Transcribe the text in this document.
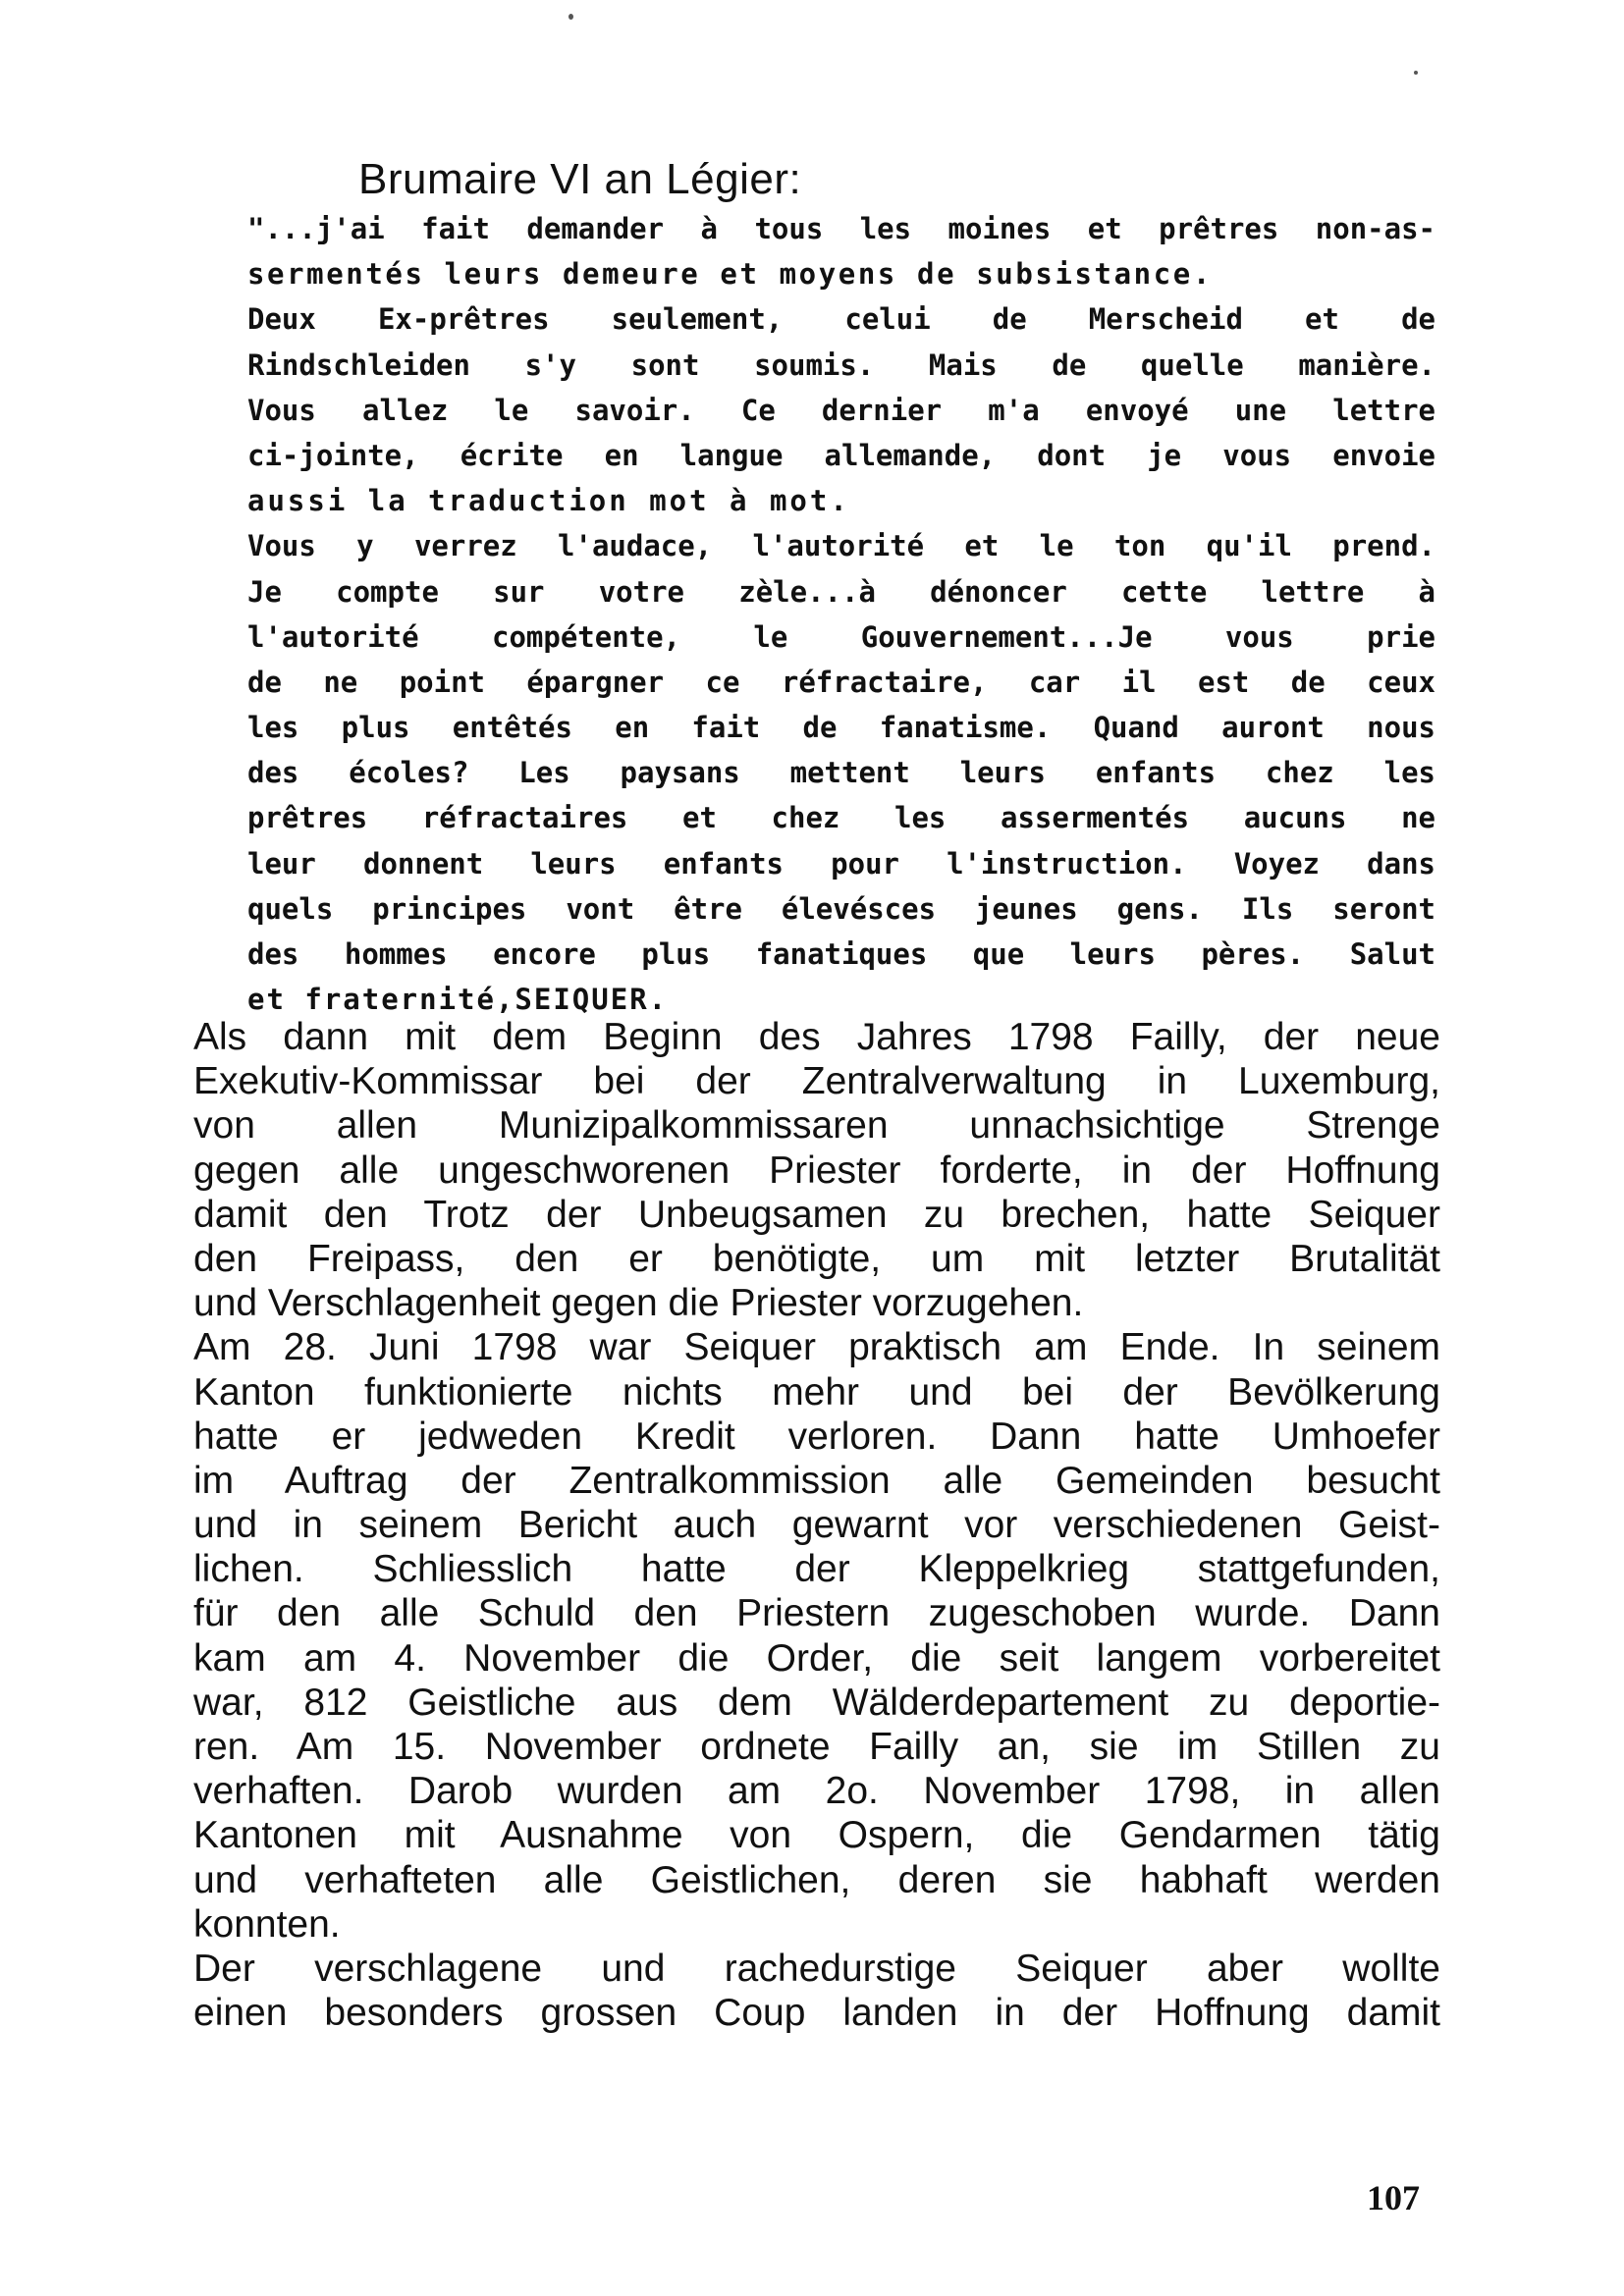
Brumaire VI an Légier:
"...j'ai fait demander à tous les moines et prêtres non-as-
sermentés leurs demeure et moyens de subsistance.
Deux Ex-prêtres seulement, celui de Merscheid et de
Rindschleiden s'y sont soumis. Mais de quelle manière.
Vous allez le savoir. Ce dernier m'a envoyé une lettre
ci-jointe, écrite en langue allemande, dont je vous envoie
aussi la traduction mot à mot.
Vous y verrez l'audace, l'autorité et le ton qu'il prend.
Je compte sur votre zèle...à dénoncer cette lettre à
l'autorité compétente, le Gouvernement...Je vous prie
de ne point épargner ce réfractaire, car il est de ceux
les plus entêtés en fait de fanatisme. Quand auront nous
des écoles? Les paysans mettent leurs enfants chez les
prêtres réfractaires et chez les assermentés aucuns ne
leur donnent leurs enfants pour l'instruction. Voyez dans
quels principes vont être élevésces jeunes gens. Ils seront
des hommes encore plus fanatiques que leurs pères. Salut
et fraternité,SEIQUER.
Als dann mit dem Beginn des Jahres 1798 Failly, der neue
Exekutiv-Kommissar bei der Zentralverwaltung in Luxemburg,
von allen Munizipalkommissaren unnachsichtige Strenge
gegen alle ungeschworenen Priester forderte, in der Hoffnung
damit den Trotz der Unbeugsamen zu brechen, hatte Seiquer
den Freipass, den er benötigte, um mit letzter Brutalität
und Verschlagenheit gegen die Priester vorzugehen.
Am 28. Juni 1798 war Seiquer praktisch am Ende. In seinem
Kanton funktionierte nichts mehr und bei der Bevölkerung
hatte er jedweden Kredit verloren. Dann hatte Umhoefer
im Auftrag der Zentralkommission alle Gemeinden besucht
und in seinem Bericht auch gewarnt vor verschiedenen Geist-
lichen. Schliesslich hatte der Kleppelkrieg stattgefunden,
für den alle Schuld den Priestern zugeschoben wurde. Dann
kam am 4. November die Order, die seit langem vorbereitet
war, 812 Geistliche aus dem Wälderdepartement zu deportie-
ren. Am 15. November ordnete Failly an, sie im Stillen zu
verhaften. Darob wurden am 2o. November 1798, in allen
Kantonen mit Ausnahme von Ospern, die Gendarmen tätig
und verhafteten alle Geistlichen, deren sie habhaft werden
konnten.
Der verschlagene und rachedurstige Seiquer aber wollte
einen besonders grossen Coup landen in der Hoffnung damit

107
